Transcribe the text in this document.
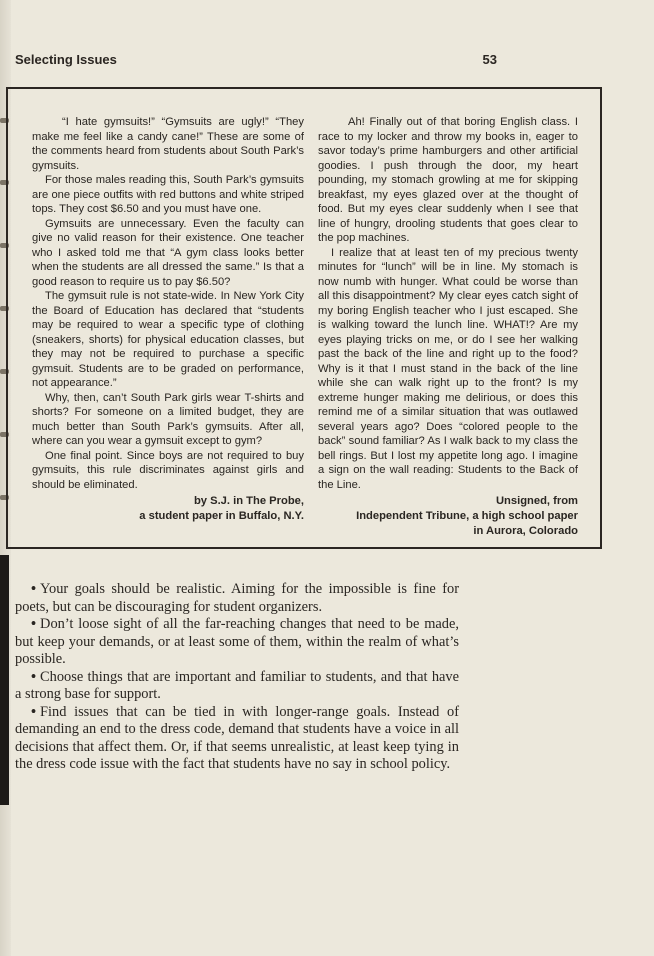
Selecting Issues	53

“I hate gymsuits!” “Gymsuits are ugly!” “They make me feel like a candy cane!” These are some of the comments heard from students about South Park’s gymsuits.

For those males reading this, South Park’s gymsuits are one piece outfits with red buttons and white striped tops. They cost $6.50 and you must have one.

Gymsuits are unnecessary. Even the faculty can give no valid reason for their existence. One teacher who I asked told me that “A gym class looks better when the students are all dressed the same.” Is that a good reason to require us to pay $6.50?

The gymsuit rule is not state-wide. In New York City the Board of Education has declared that “students may be required to wear a specific type of clothing (sneakers, shorts) for physical education classes, but they may not be required to purchase a specific gymsuit. Students are to be graded on performance, not appearance.”

Why, then, can’t South Park girls wear T-shirts and shorts? For someone on a limited budget, they are much better than South Park’s gymsuits. After all, where can you wear a gymsuit except to gym?

One final point. Since boys are not required to buy gymsuits, this rule discriminates against girls and should be eliminated.

by S.J. in The Probe,
a student paper in Buffalo, N.Y.

Ah! Finally out of that boring English class. I race to my locker and throw my books in, eager to savor today’s prime hamburgers and other artificial goodies. I push through the door, my heart pounding, my stomach growling at me for skipping breakfast, my eyes glazed over at the thought of food. But my eyes clear suddenly when I see that line of hungry, drooling students that goes clear to the pop machines.

I realize that at least ten of my precious twenty minutes for “lunch” will be in line. My stomach is now numb with hunger. What could be worse than all this disappointment? My clear eyes catch sight of my boring English teacher who I just escaped. She is walking toward the lunch line. WHAT!? Are my eyes playing tricks on me, or do I see her walking past the back of the line and right up to the food? Why is it that I must stand in the back of the line while she can walk right up to the front? Is my extreme hunger making me delirious, or does this remind me of a similar situation that was outlawed several years ago? Does “colored people to the back” sound familiar? As I walk back to my class the bell rings. But I lost my appetite long ago. I imagine a sign on the wall reading: Students to the Back of the Line.

Unsigned, from
Independent Tribune, a high school paper
in Aurora, Colorado

• Your goals should be realistic. Aiming for the impossible is fine for poets, but can be discouraging for student organizers.

• Don’t loose sight of all the far-reaching changes that need to be made, but keep your demands, or at least some of them, within the realm of what’s possible.

• Choose things that are important and familiar to students, and that have a strong base for support.

• Find issues that can be tied in with longer-range goals. Instead of demanding an end to the dress code, demand that students have a voice in all decisions that affect them. Or, if that seems unrealistic, at least keep tying in the dress code issue with the fact that students have no say in school policy.
